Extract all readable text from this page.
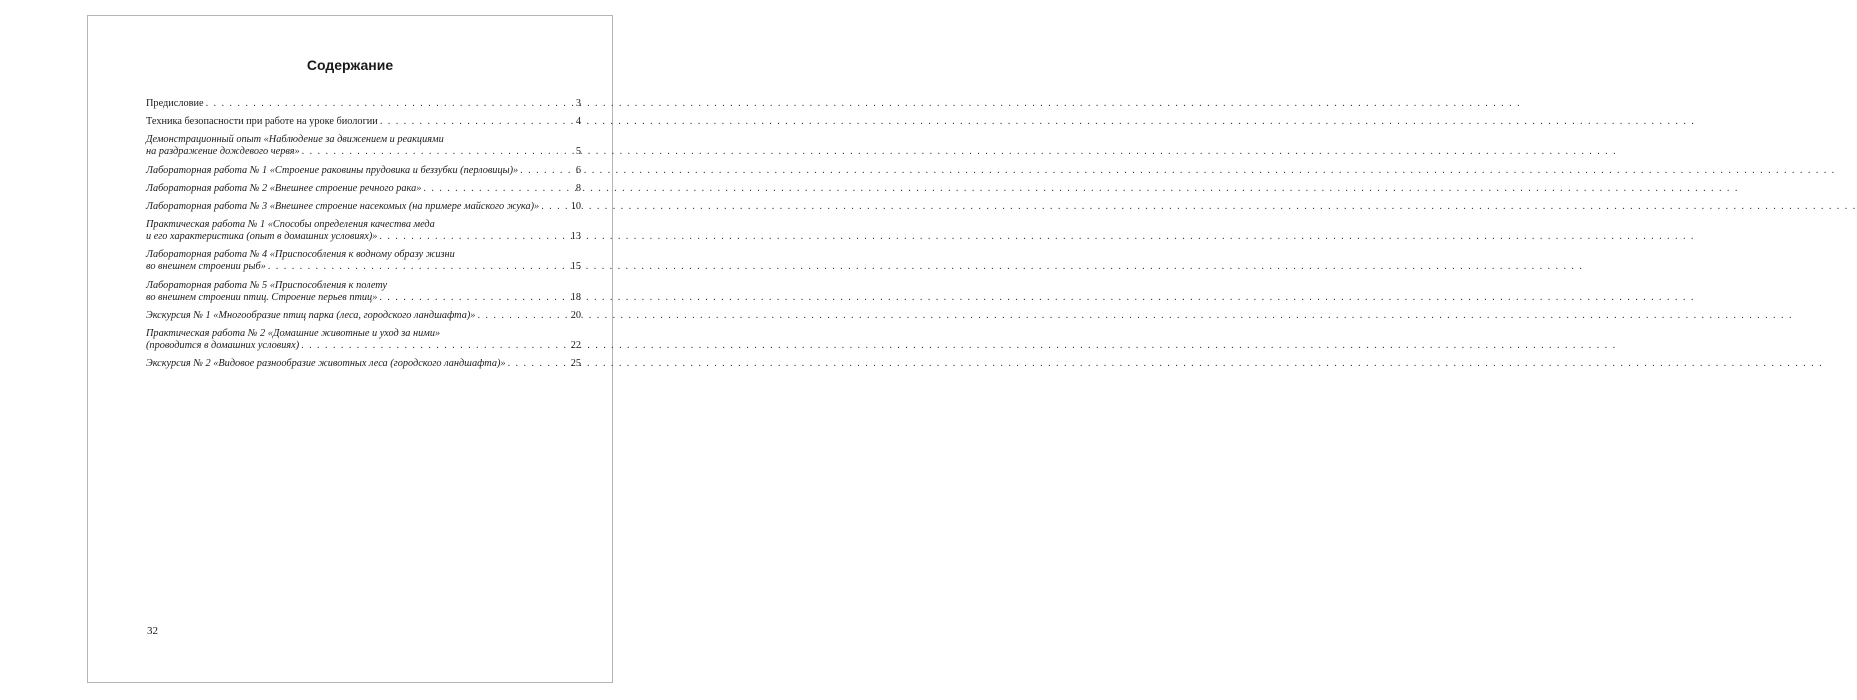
Содержание
Предисловие . . .	3
Техника безопасности при работе на уроке биологии . . .	4
Демонстрационный опыт «Наблюдение за движением и реакциями
на раздражение дождевого червя» . . .	5
Лабораторная работа № 1 «Строение раковины прудовика и беззубки (перловицы)» . . .	6
Лабораторная работа № 2 «Внешнее строение речного рака» . . .	8
Лабораторная работа № 3 «Внешнее строение насекомых (на примере майского жука)» . . .	10
Практическая работа № 1 «Способы определения качества меда
и его характеристика (опыт в домашних условиях)» . . .	13
Лабораторная работа № 4 «Приспособления к водному образу жизни
во внешнем строении рыб» . . .	15
Лабораторная работа № 5 «Приспособления к полету
во внешнем строении птиц. Строение перьев птиц» . . .	18
Экскурсия № 1 «Многообразие птиц парка (леса, городского ландшафта)» . . .	20
Практическая работа № 2 «Домашние животные и уход за ними»
(проводится в домашних условиях) . . .	22
Экскурсия № 2 «Видовое разнообразие животных леса (городского ландшафта)» . . .	25
32
